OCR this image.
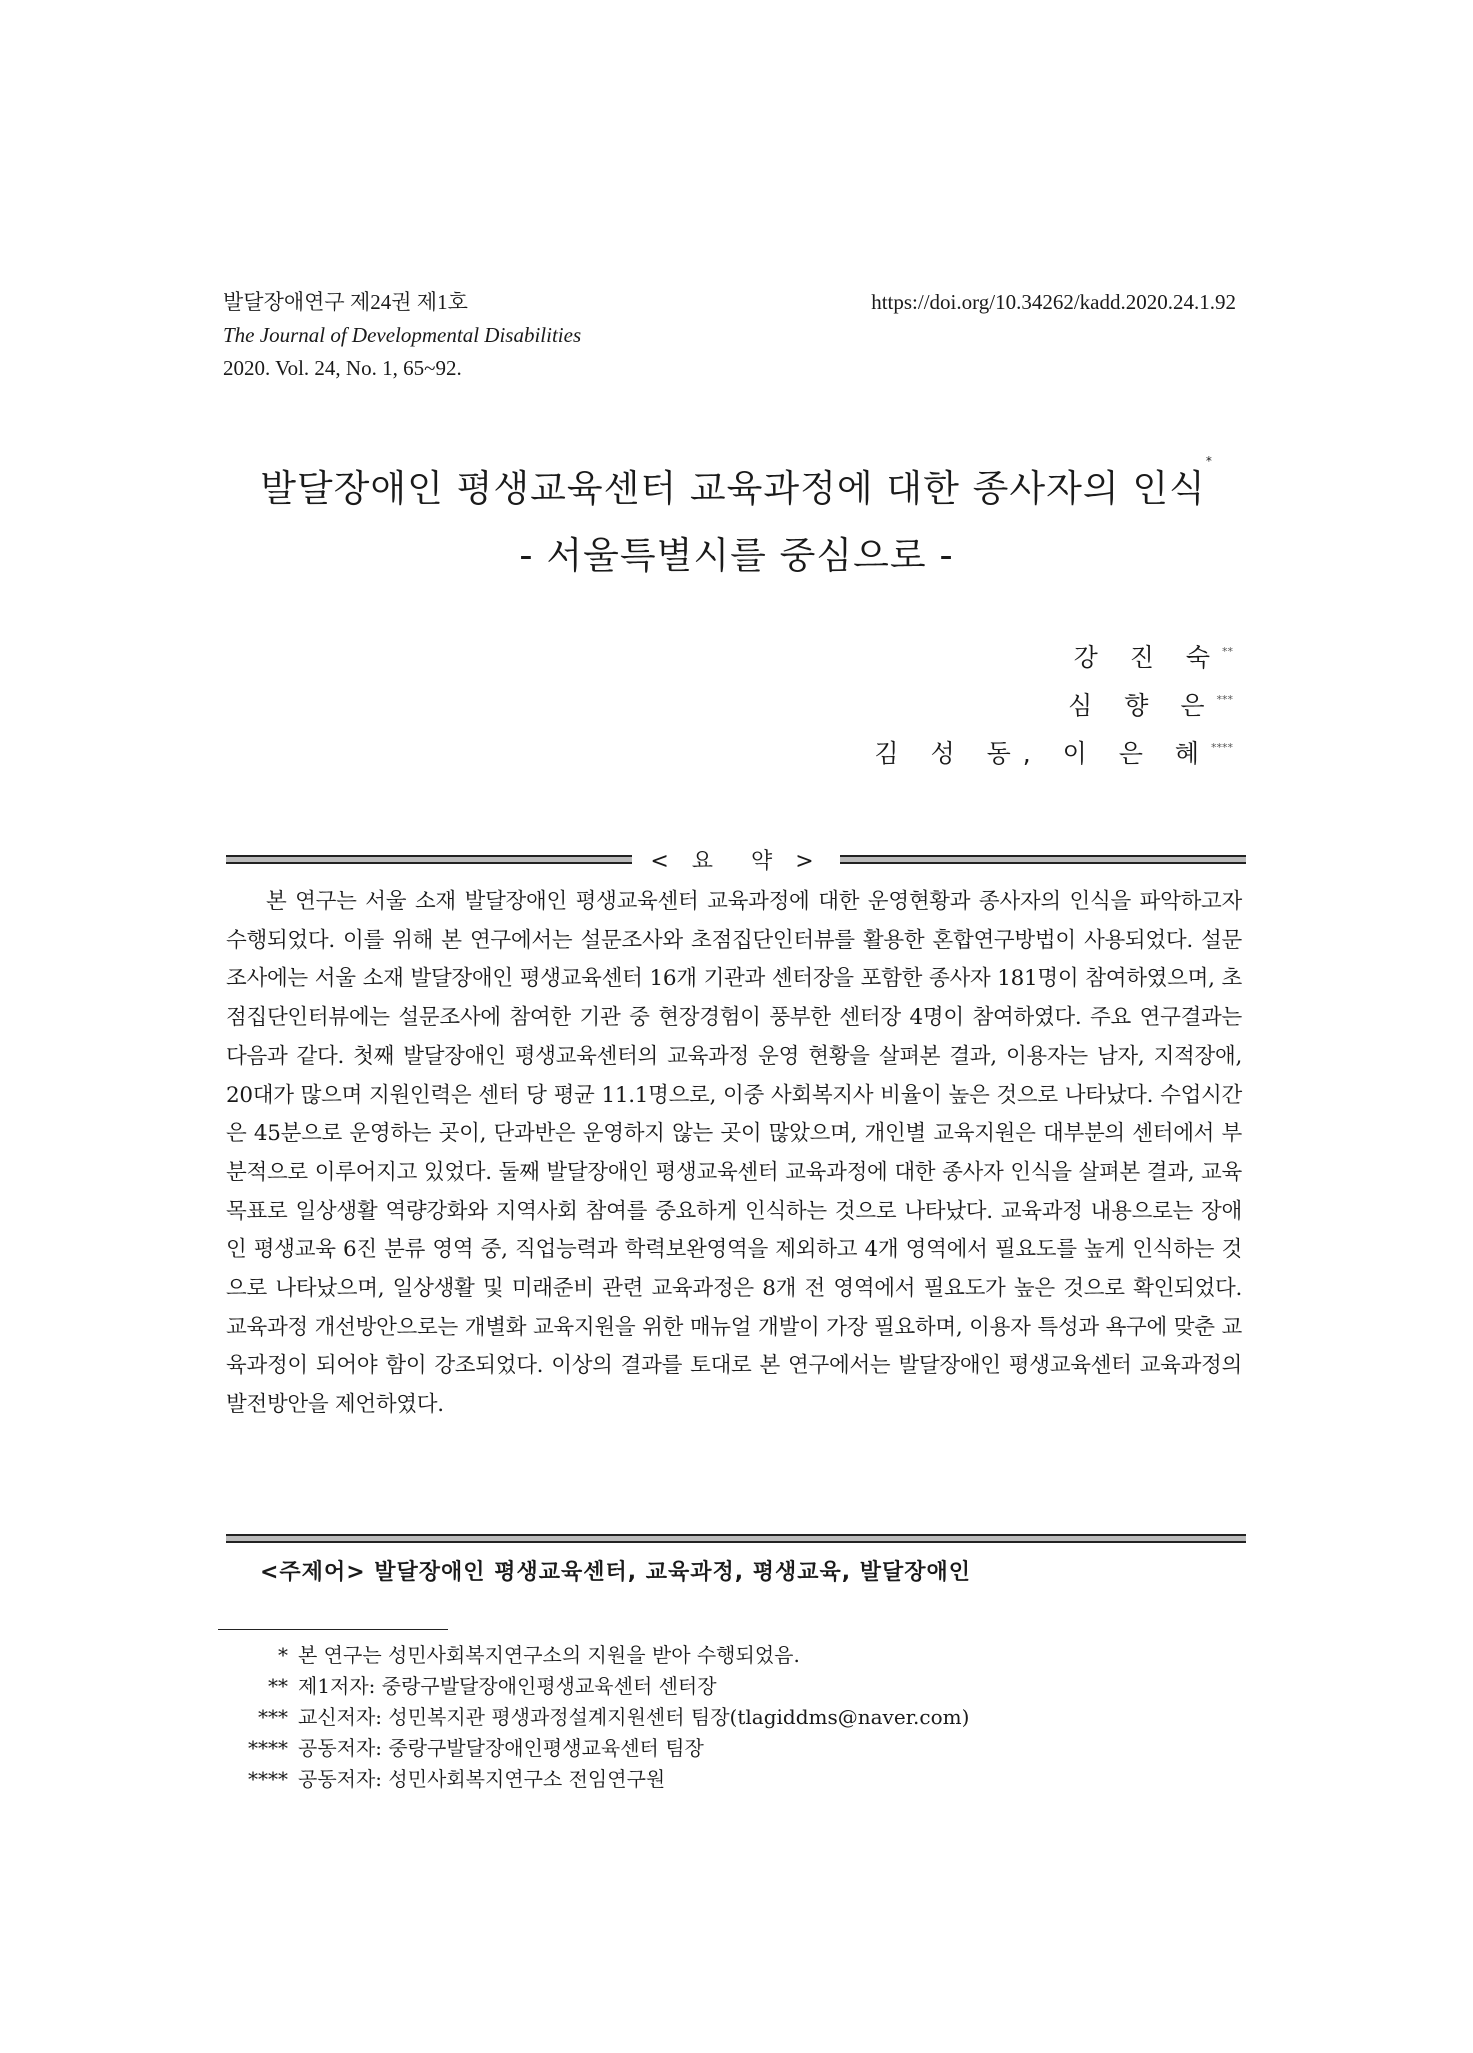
발달장애연구 제24권 제1호
The Journal of Developmental Disabilities
2020. Vol. 24, No. 1, 65~92.
https://doi.org/10.34262/kadd.2020.24.1.92
발달장애인 평생교육센터 교육과정에 대한 종사자의 인식*
- 서울특별시를 중심으로 -
강 진 숙**
심 향 은***
김 성 동, 이 은 혜****
< 요  약 >
본 연구는 서울 소재 발달장애인 평생교육센터 교육과정에 대한 운영현황과 종사자의 인식을 파악하고자 수행되었다. 이를 위해 본 연구에서는 설문조사와 초점집단인터뷰를 활용한 혼합연구방법이 사용되었다. 설문조사에는 서울 소재 발달장애인 평생교육센터 16개 기관과 센터장을 포함한 종사자 181명이 참여하였으며, 초점집단인터뷰에는 설문조사에 참여한 기관 중 현장경험이 풍부한 센터장 4명이 참여하였다. 주요 연구결과는 다음과 같다. 첫째 발달장애인 평생교육센터의 교육과정 운영 현황을 살펴본 결과, 이용자는 남자, 지적장애, 20대가 많으며 지원인력은 센터 당 평균 11.1명으로, 이중 사회복지사 비율이 높은 것으로 나타났다. 수업시간은 45분으로 운영하는 곳이, 단과반은 운영하지 않는 곳이 많았으며, 개인별 교육지원은 대부분의 센터에서 부분적으로 이루어지고 있었다. 둘째 발달장애인 평생교육센터 교육과정에 대한 종사자 인식을 살펴본 결과, 교육목표로 일상생활 역량강화와 지역사회 참여를 중요하게 인식하는 것으로 나타났다. 교육과정 내용으로는 장애인 평생교육 6진 분류 영역 중, 직업능력과 학력보완영역을 제외하고 4개 영역에서 필요도를 높게 인식하는 것으로 나타났으며, 일상생활 및 미래준비 관련 교육과정은 8개 전 영역에서 필요도가 높은 것으로 확인되었다. 교육과정 개선방안으로는 개별화 교육지원을 위한 매뉴얼 개발이 가장 필요하며, 이용자 특성과 욕구에 맞춘 교육과정이 되어야 함이 강조되었다. 이상의 결과를 토대로 본 연구에서는 발달장애인 평생교육센터 교육과정의 발전방안을 제언하였다.
<주제어> 발달장애인 평생교육센터, 교육과정, 평생교육, 발달장애인
* 본 연구는 성민사회복지연구소의 지원을 받아 수행되었음.
** 제1저자: 중랑구발달장애인평생교육센터 센터장
*** 교신저자: 성민복지관 평생과정설계지원센터 팀장(tlagiddms@naver.com)
**** 공동저자: 중랑구발달장애인평생교육센터 팀장
**** 공동저자: 성민사회복지연구소 전임연구원
